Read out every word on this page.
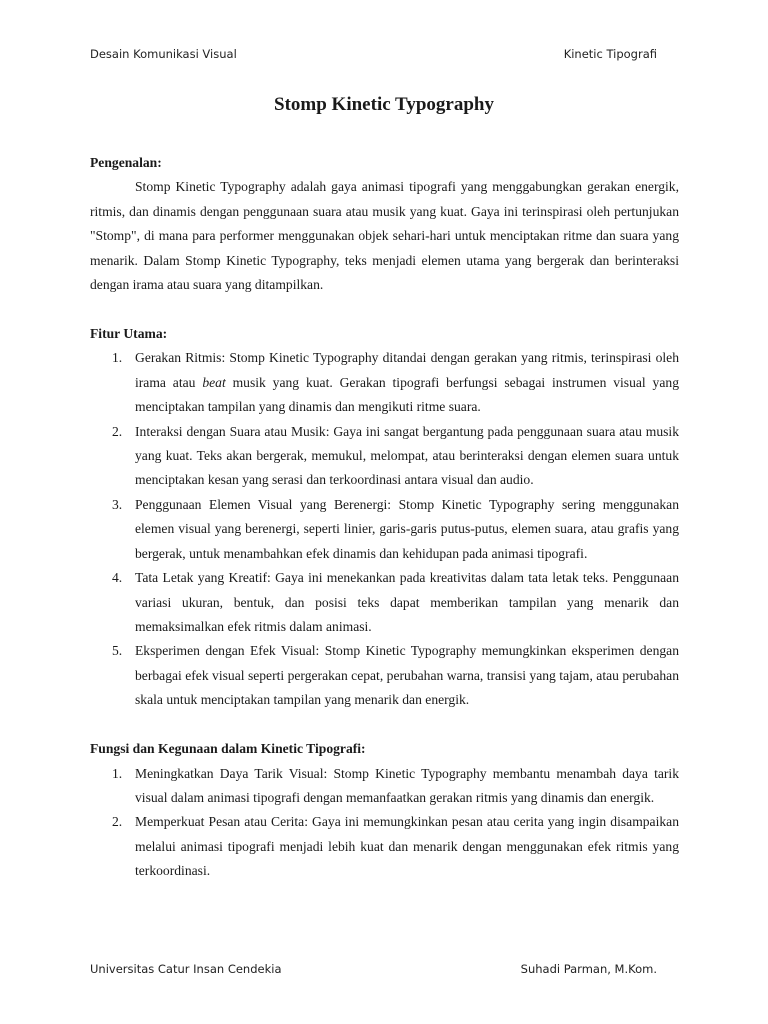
Desain Komunikasi Visual	Kinetic Tipografi
Stomp Kinetic Typography

Pengenalan:

Stomp Kinetic Typography adalah gaya animasi tipografi yang menggabungkan gerakan energik, ritmis, dan dinamis dengan penggunaan suara atau musik yang kuat. Gaya ini terinspirasi oleh pertunjukan "Stomp", di mana para performer menggunakan objek sehari-hari untuk menciptakan ritme dan suara yang menarik. Dalam Stomp Kinetic Typography, teks menjadi elemen utama yang bergerak dan berinteraksi dengan irama atau suara yang ditampilkan.

Fitur Utama:

1. Gerakan Ritmis: Stomp Kinetic Typography ditandai dengan gerakan yang ritmis, terinspirasi oleh irama atau beat musik yang kuat. Gerakan tipografi berfungsi sebagai instrumen visual yang menciptakan tampilan yang dinamis dan mengikuti ritme suara.
2. Interaksi dengan Suara atau Musik: Gaya ini sangat bergantung pada penggunaan suara atau musik yang kuat. Teks akan bergerak, memukul, melompat, atau berinteraksi dengan elemen suara untuk menciptakan kesan yang serasi dan terkoordinasi antara visual dan audio.
3. Penggunaan Elemen Visual yang Berenergi: Stomp Kinetic Typography sering menggunakan elemen visual yang berenergi, seperti linier, garis-garis putus-putus, elemen suara, atau grafis yang bergerak, untuk menambahkan efek dinamis dan kehidupan pada animasi tipografi.
4. Tata Letak yang Kreatif: Gaya ini menekankan pada kreativitas dalam tata letak teks. Penggunaan variasi ukuran, bentuk, dan posisi teks dapat memberikan tampilan yang menarik dan memaksimalkan efek ritmis dalam animasi.
5. Eksperimen dengan Efek Visual: Stomp Kinetic Typography memungkinkan eksperimen dengan berbagai efek visual seperti pergerakan cepat, perubahan warna, transisi yang tajam, atau perubahan skala untuk menciptakan tampilan yang menarik dan energik.

Fungsi dan Kegunaan dalam Kinetic Tipografi:

1. Meningkatkan Daya Tarik Visual: Stomp Kinetic Typography membantu menambah daya tarik visual dalam animasi tipografi dengan memanfaatkan gerakan ritmis yang dinamis dan energik.
2. Memperkuat Pesan atau Cerita: Gaya ini memungkinkan pesan atau cerita yang ingin disampaikan melalui animasi tipografi menjadi lebih kuat dan menarik dengan menggunakan efek ritmis yang terkoordinasi.
Universitas Catur Insan Cendekia	Suhadi Parman, M.Kom.
